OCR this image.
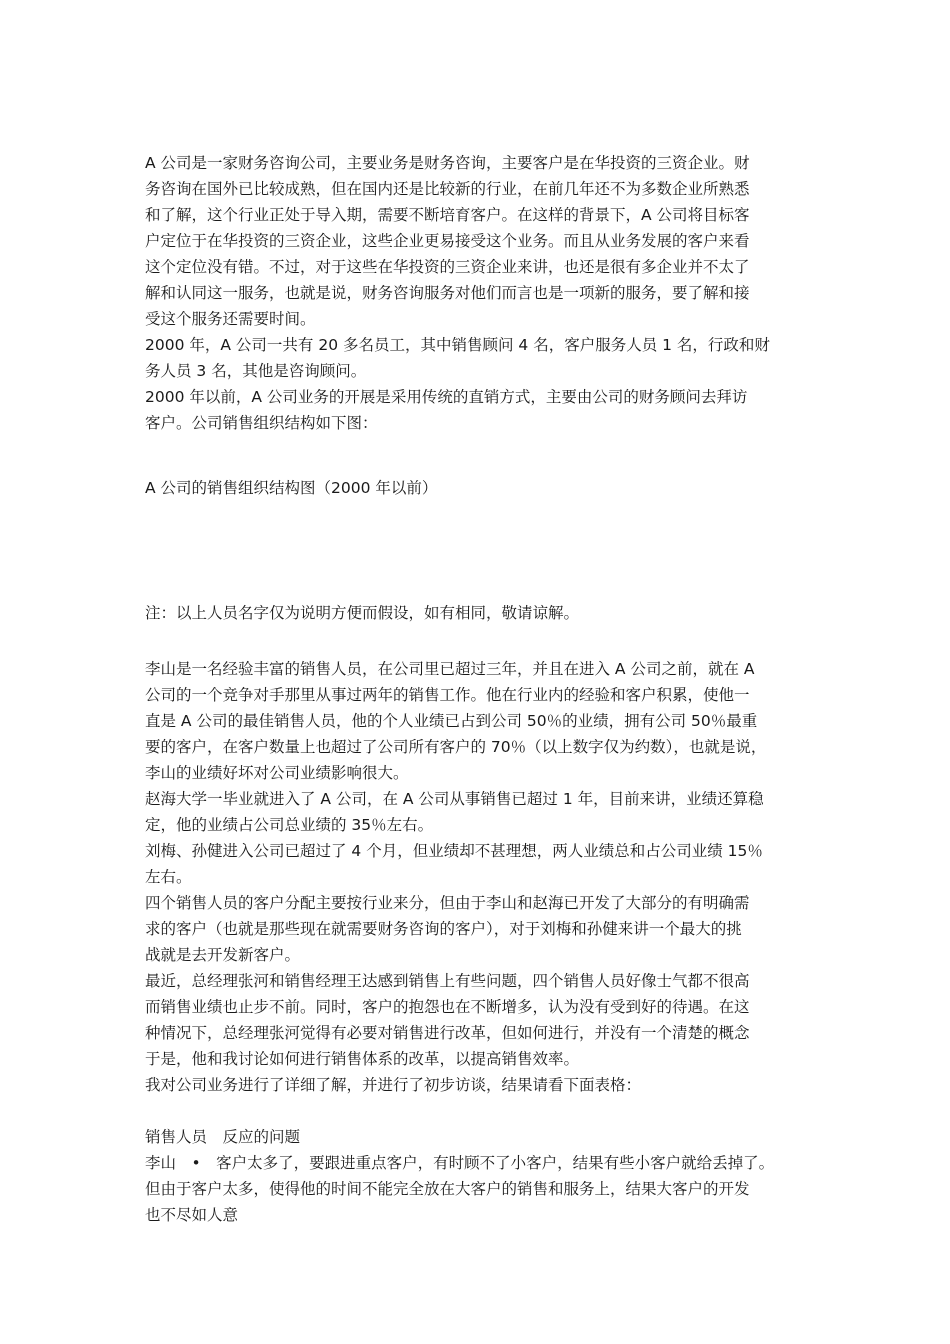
A 公司是一家财务咨询公司，主要业务是财务咨询，主要客户是在华投资的三资企业。财
务咨询在国外已比较成熟，但在国内还是比较新的行业，在前几年还不为多数企业所熟悉
和了解，这个行业正处于导入期，需要不断培育客户。在这样的背景下，A 公司将目标客
户定位于在华投资的三资企业，这些企业更易接受这个业务。而且从业务发展的客户来看
这个定位没有错。不过，对于这些在华投资的三资企业来讲，也还是很有多企业并不太了
解和认同这一服务，也就是说，财务咨询服务对他们而言也是一项新的服务，要了解和接
受这个服务还需要时间。
2000 年，A 公司一共有 20 多名员工，其中销售顾问 4 名，客户服务人员 1 名，行政和财
务人员 3 名，其他是咨询顾问。
2000 年以前，A 公司业务的开展是采用传统的直销方式，主要由公司的财务顾问去拜访
客户。公司销售组织结构如下图：
A 公司的销售组织结构图（2000 年以前）
注：以上人员名字仅为说明方便而假设，如有相同，敬请谅解。
李山是一名经验丰富的销售人员，在公司里已超过三年，并且在进入 A 公司之前，就在 A
公司的一个竞争对手那里从事过两年的销售工作。他在行业内的经验和客户积累，使他一
直是 A 公司的最佳销售人员，他的个人业绩已占到公司 50％的业绩，拥有公司 50％最重
要的客户，在客户数量上也超过了公司所有客户的 70％（以上数字仅为约数），也就是说，
李山的业绩好坏对公司业绩影响很大。
赵海大学一毕业就进入了 A 公司，在 A 公司从事销售已超过 1 年，目前来讲，业绩还算稳
定，他的业绩占公司总业绩的 35％左右。
刘梅、孙健进入公司已超过了 4 个月，但业绩却不甚理想，两人业绩总和占公司业绩 15％
左右。
四个销售人员的客户分配主要按行业来分，但由于李山和赵海已开发了大部分的有明确需
求的客户（也就是那些现在就需要财务咨询的客户），对于刘梅和孙健来讲一个最大的挑
战就是去开发新客户。
最近，总经理张河和销售经理王达感到销售上有些问题，四个销售人员好像士气都不很高
而销售业绩也止步不前。同时，客户的抱怨也在不断增多，认为没有受到好的待遇。在这
种情况下，总经理张河觉得有必要对销售进行改革，但如何进行，并没有一个清楚的概念
于是，他和我讨论如何进行销售体系的改革，以提高销售效率。
我对公司业务进行了详细了解，并进行了初步访谈，结果请看下面表格：
销售人员　反应的问题
李山　•　客户太多了，要跟进重点客户，有时顾不了小客户，结果有些小客户就给丢掉了。
但由于客户太多，使得他的时间不能完全放在大客户的销售和服务上，结果大客户的开发
也不尽如人意
